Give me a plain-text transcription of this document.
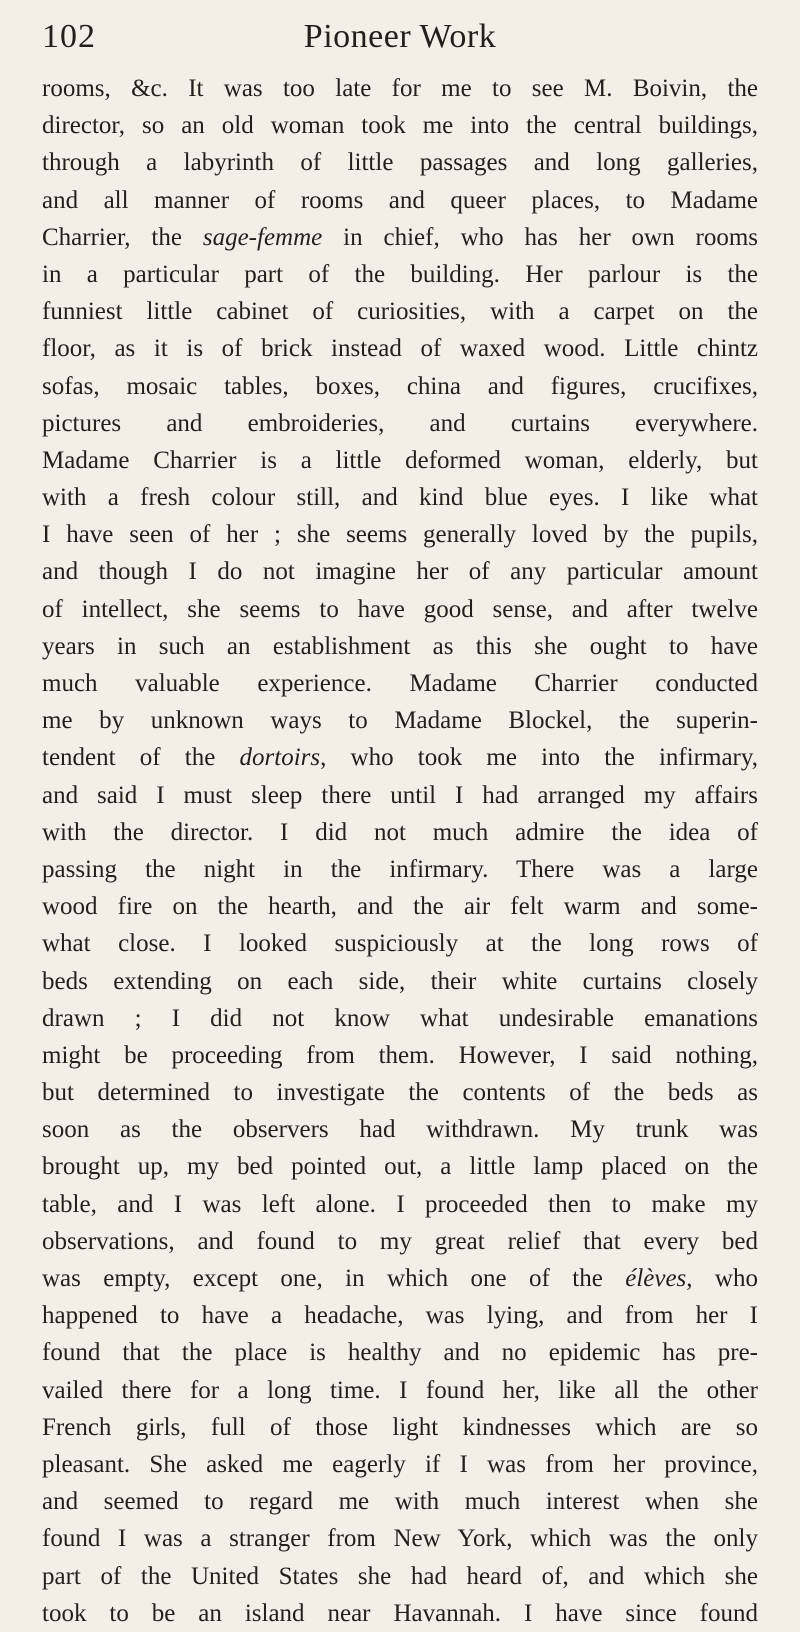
102	Pioneer Work
rooms, &c. It was too late for me to see M. Boivin, the
director, so an old woman took me into the central buildings,
through a labyrinth of little passages and long galleries,
and all manner of rooms and queer places, to Madame
Charrier, the sage-femme in chief, who has her own rooms
in a particular part of the building. Her parlour is the
funniest little cabinet of curiosities, with a carpet on the
floor, as it is of brick instead of waxed wood. Little chintz
sofas, mosaic tables, boxes, china and figures, crucifixes,
pictures and embroideries, and curtains everywhere.
Madame Charrier is a little deformed woman, elderly, but
with a fresh colour still, and kind blue eyes. I like what
I have seen of her ; she seems generally loved by the pupils,
and though I do not imagine her of any particular amount
of intellect, she seems to have good sense, and after twelve
years in such an establishment as this she ought to have
much valuable experience. Madame Charrier conducted
me by unknown ways to Madame Blockel, the superin-
tendent of the dortoirs, who took me into the infirmary,
and said I must sleep there until I had arranged my affairs
with the director. I did not much admire the idea of
passing the night in the infirmary. There was a large
wood fire on the hearth, and the air felt warm and some-
what close. I looked suspiciously at the long rows of
beds extending on each side, their white curtains closely
drawn ; I did not know what undesirable emanations
might be proceeding from them. However, I said nothing,
but determined to investigate the contents of the beds as
soon as the observers had withdrawn. My trunk was
brought up, my bed pointed out, a little lamp placed on the
table, and I was left alone. I proceeded then to make my
observations, and found to my great relief that every bed
was empty, except one, in which one of the élèves, who
happened to have a headache, was lying, and from her I
found that the place is healthy and no epidemic has pre-
vailed there for a long time. I found her, like all the other
French girls, full of those light kindnesses which are so
pleasant. She asked me eagerly if I was from her province,
and seemed to regard me with much interest when she
found I was a stranger from New York, which was the only
part of the United States she had heard of, and which she
took to be an island near Havannah. I have since found
